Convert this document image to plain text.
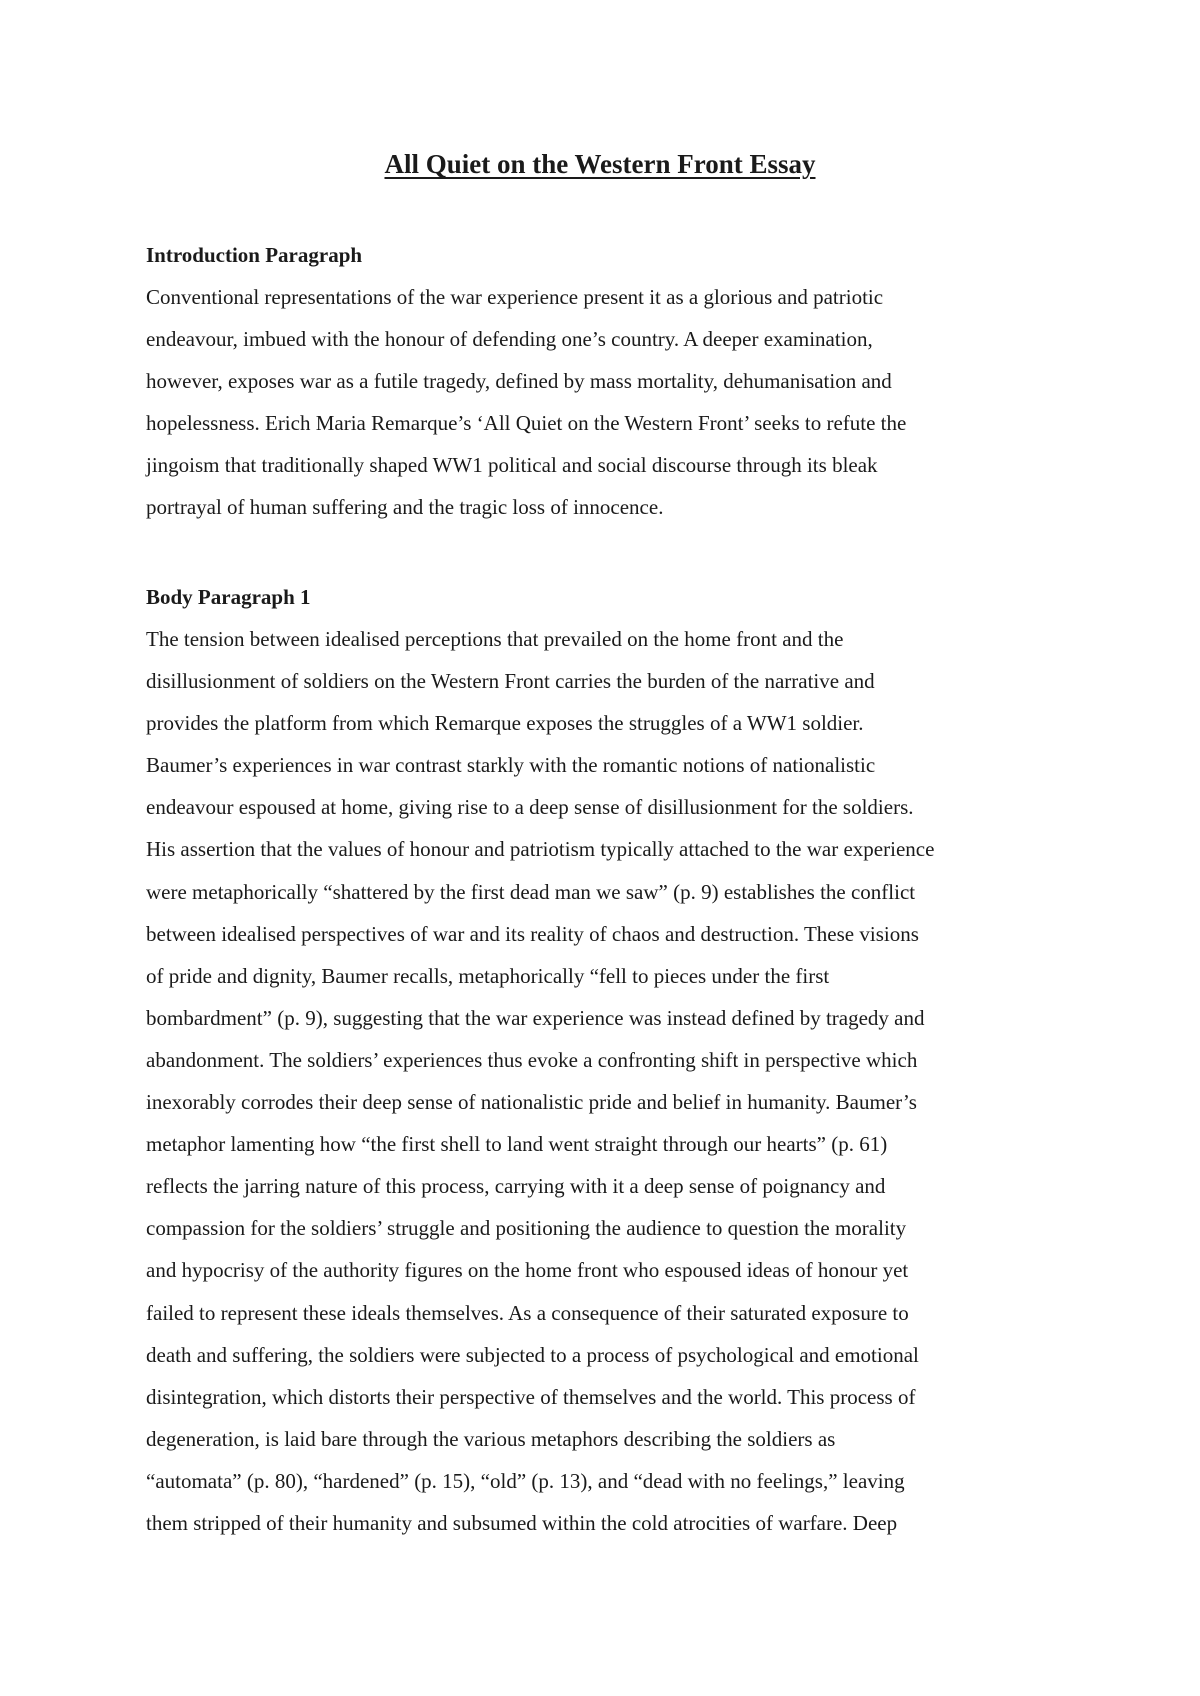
All Quiet on the Western Front Essay

Introduction Paragraph

Conventional representations of the war experience present it as a glorious and patriotic

endeavour, imbued with the honour of defending one’s country. A deeper examination,

however, exposes war as a futile tragedy, defined by mass mortality, dehumanisation and

hopelessness. Erich Maria Remarque’s ‘All Quiet on the Western Front’ seeks to refute the

jingoism that traditionally shaped WW1 political and social discourse through its bleak

portrayal of human suffering and the tragic loss of innocence.

Body Paragraph 1

The tension between idealised perceptions that prevailed on the home front and the

disillusionment of soldiers on the Western Front carries the burden of the narrative and

provides the platform from which Remarque exposes the struggles of a WW1 soldier.

Baumer’s experiences in war contrast starkly with the romantic notions of nationalistic

endeavour espoused at home, giving rise to a deep sense of disillusionment for the soldiers.

His assertion that the values of honour and patriotism typically attached to the war experience

were metaphorically “shattered by the first dead man we saw” (p. 9) establishes the conflict

between idealised perspectives of war and its reality of chaos and destruction. These visions

of pride and dignity, Baumer recalls, metaphorically “fell to pieces under the first

bombardment” (p. 9), suggesting that the war experience was instead defined by tragedy and

abandonment. The soldiers’ experiences thus evoke a confronting shift in perspective which

inexorably corrodes their deep sense of nationalistic pride and belief in humanity. Baumer’s

metaphor lamenting how “the first shell to land went straight through our hearts” (p. 61)

reflects the jarring nature of this process, carrying with it a deep sense of poignancy and

compassion for the soldiers’ struggle and positioning the audience to question the morality

and hypocrisy of the authority figures on the home front who espoused ideas of honour yet

failed to represent these ideals themselves. As a consequence of their saturated exposure to

death and suffering, the soldiers were subjected to a process of psychological and emotional

disintegration, which distorts their perspective of themselves and the world. This process of

degeneration, is laid bare through the various metaphors describing the soldiers as

“automata” (p. 80), “hardened” (p. 15), “old” (p. 13), and “dead with no feelings,” leaving

them stripped of their humanity and subsumed within the cold atrocities of warfare. Deep
